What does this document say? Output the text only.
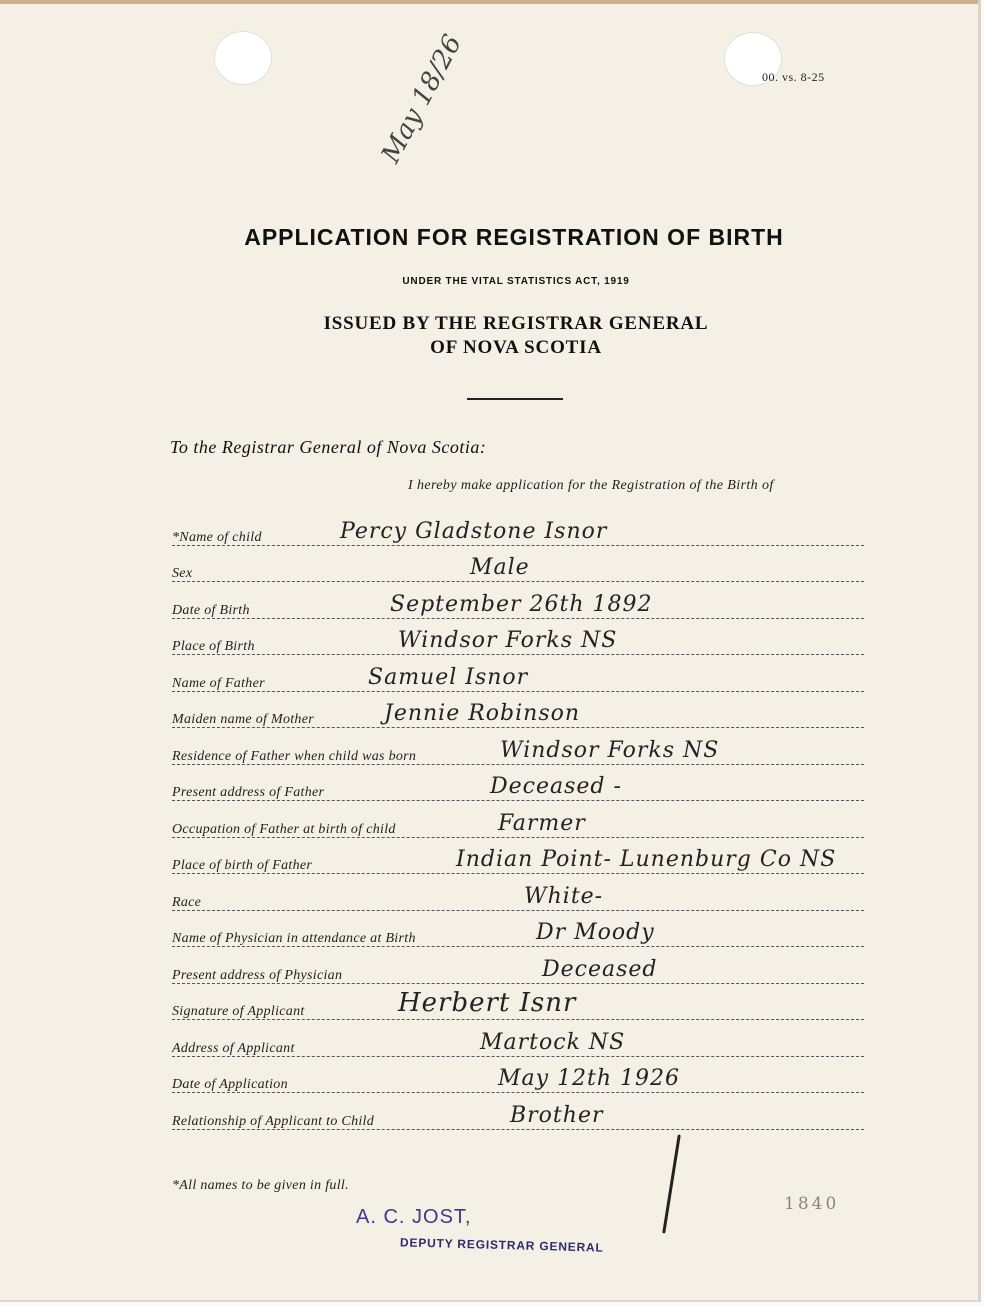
00. vs. 8-25
May 18/26
APPLICATION FOR REGISTRATION OF BIRTH
UNDER THE VITAL STATISTICS ACT, 1919
ISSUED BY THE REGISTRAR GENERAL
OF NOVA SCOTIA
To the Registrar General of Nova Scotia:
I hereby make application for the Registration of the Birth of
*Name of child	Percy Gladstone Isnor
Sex	Male
Date of Birth	September 26th 1892
Place of Birth	Windsor Forks NS
Name of Father	Samuel Isnor
Maiden name of Mother	Jennie Robinson
Residence of Father when child was born	Windsor Forks NS
Present address of Father	Deceased -
Occupation of Father at birth of child	Farmer
Place of birth of Father	Indian Point- Lunenburg Co NS
Race	White-
Name of Physician in attendance at Birth	Dr Moody
Present address of Physician	Deceased
Signature of Applicant	Herbert Isnr
Address of Applicant	Martock NS
Date of Application	May 12th 1926
Relationship of Applicant to Child	Brother
*All names to be given in full.
A. C. JOST,
DEPUTY REGISTRAR GENERAL
1840
